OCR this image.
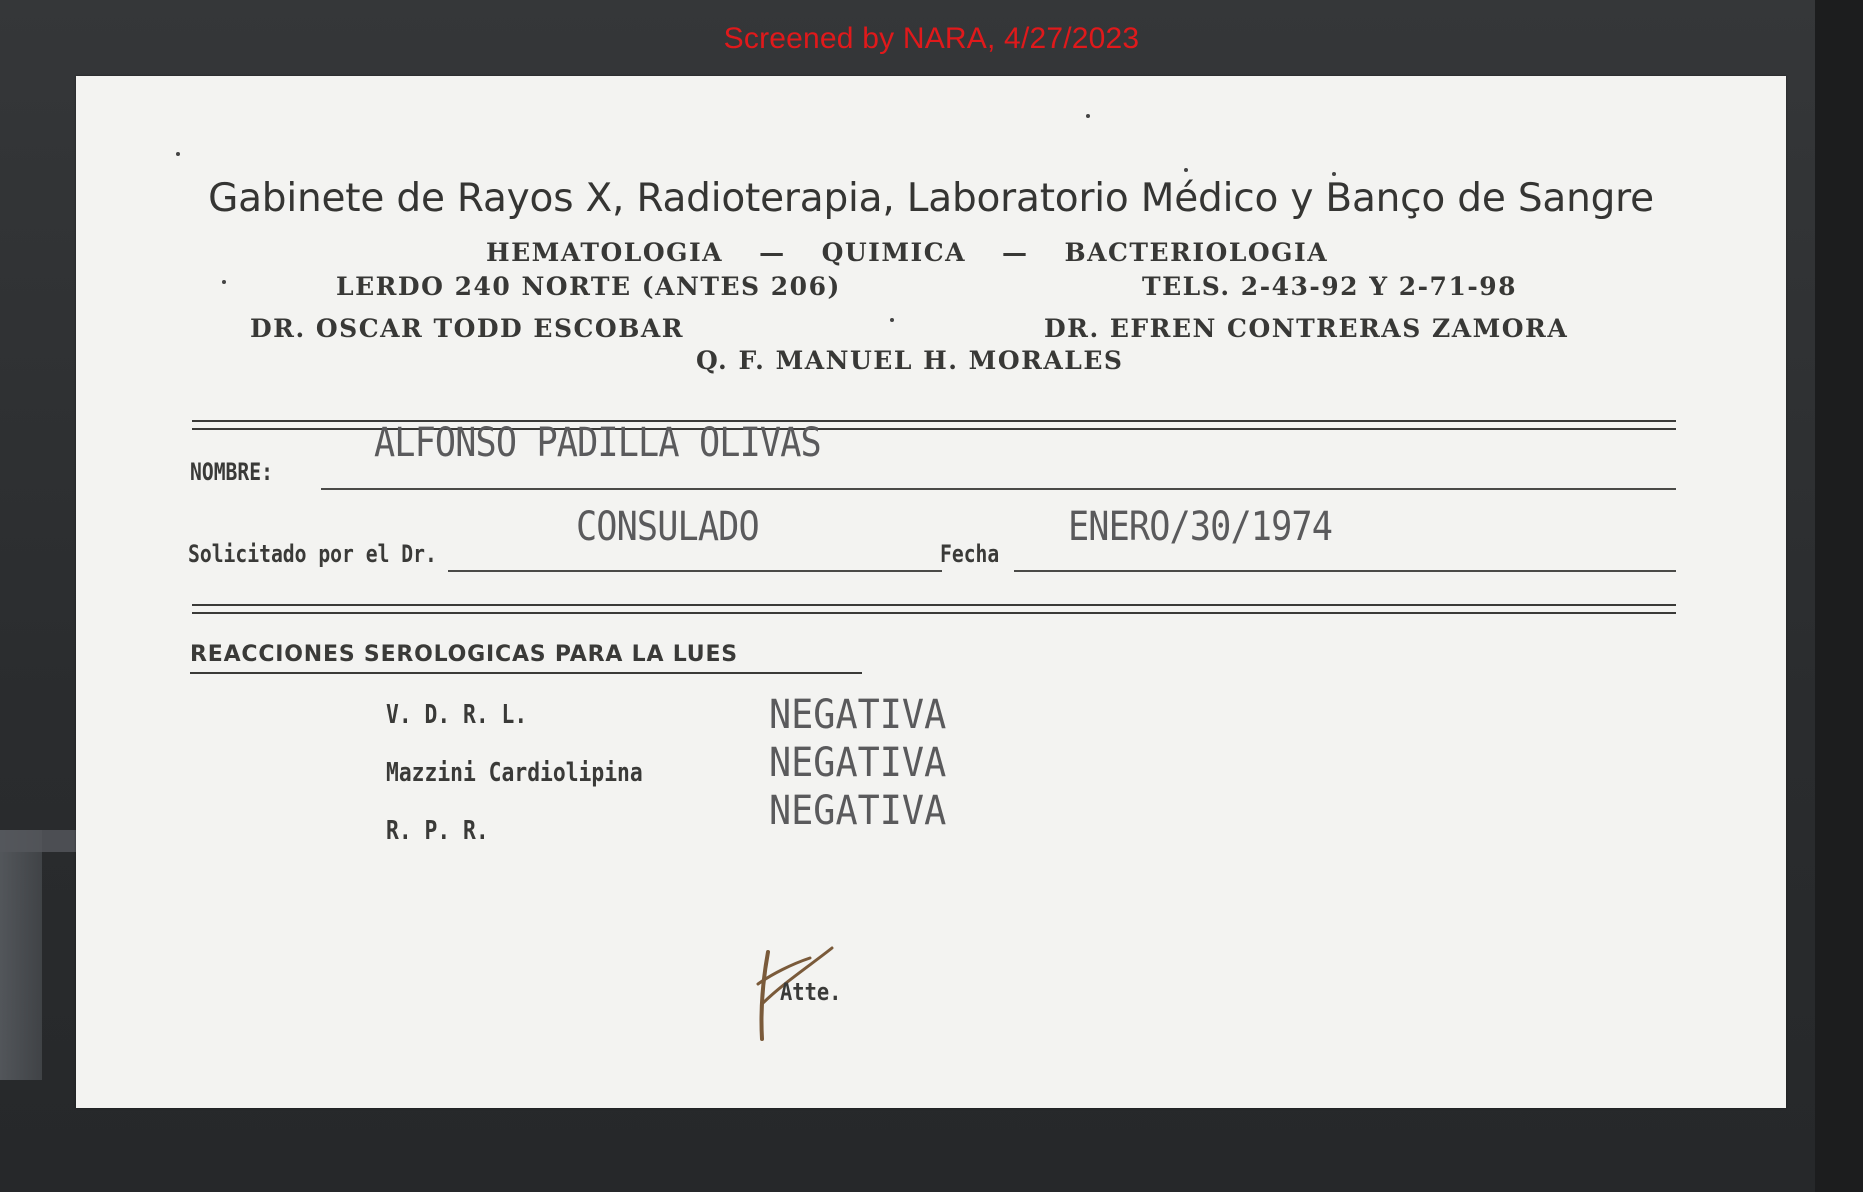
Screened by NARA, 4/27/2023
Gabinete de Rayos X, Radioterapia, Laboratorio Médico y Banço de Sangre
HEMATOLOGIA — QUIMICA — BACTERIOLOGIA
LERDO 240 NORTE (ANTES 206)	TELS. 2-43-92 Y 2-71-98
DR. OSCAR TODD ESCOBAR	DR. EFREN CONTRERAS ZAMORA
Q. F. MANUEL H. MORALES
NOMBRE:
ALFONSO PADILLA OLIVAS
Solicitado por el Dr.
CONSULADO
Fecha
ENERO/30/1974
REACCIONES SEROLOGICAS PARA LA LUES
V. D. R. L.	NEGATIVA
Mazzini Cardiolipina	NEGATIVA
R. P. R.	NEGATIVA
Atte.
